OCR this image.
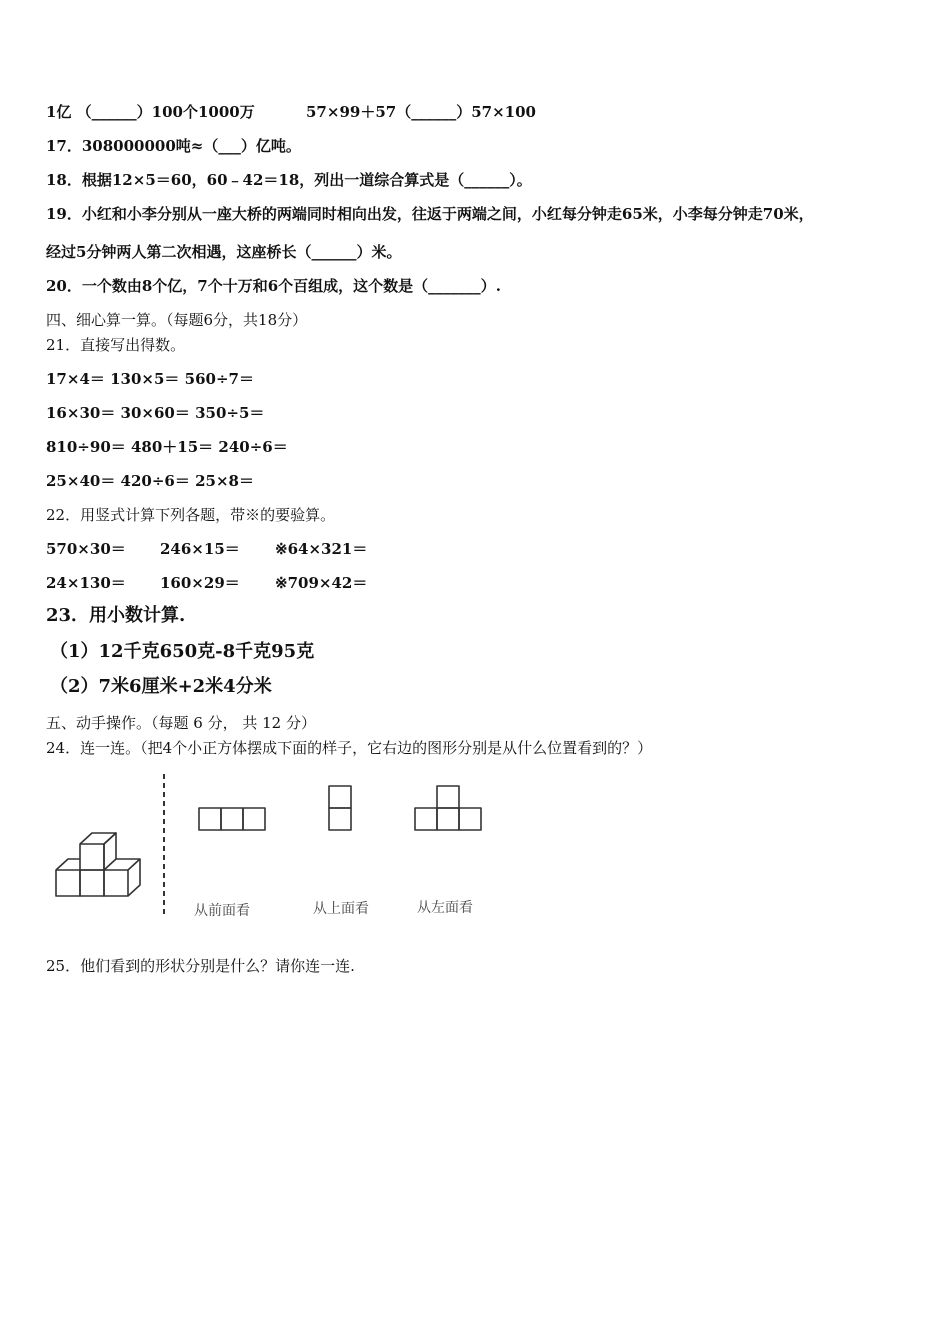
1亿 （______）100个1000万	57×99＋57（______）57×100
17．308000000吨≈（___）亿吨。
18．根据12×5＝60，60﹣42＝18，列出一道综合算式是（______）。
19．小红和小李分别从一座大桥的两端同时相向出发，往返于两端之间，小红每分钟走65米，小李每分钟走70米，
经过5分钟两人第二次相遇，这座桥长（______）米。
20．一个数由8个亿，7个十万和6个百组成，这个数是（_______）.
四、细心算一算。（每题6分，共18分）
21．直接写出得数。
17×4＝ 130×5＝ 560÷7＝
16×30＝ 30×60＝ 350÷5＝
810÷90＝ 480＋15＝ 240÷6＝
25×40＝ 420÷6＝ 25×8＝
22．用竖式计算下列各题，带※的要验算。
570×30＝ 246×15＝ ※64×321＝
24×130＝ 160×29＝ ※709×42＝
23．用小数计算.
（1）12千克650克-8千克95克
（2）7米6厘米+2米4分米
五、动手操作。（每题 6 分， 共 12 分）
24．连一连。（把4个小正方体摆成下面的样子，它右边的图形分别是从什么位置看到的？）
从前面看	从上面看	从左面看
25．他们看到的形状分别是什么？请你连一连.
